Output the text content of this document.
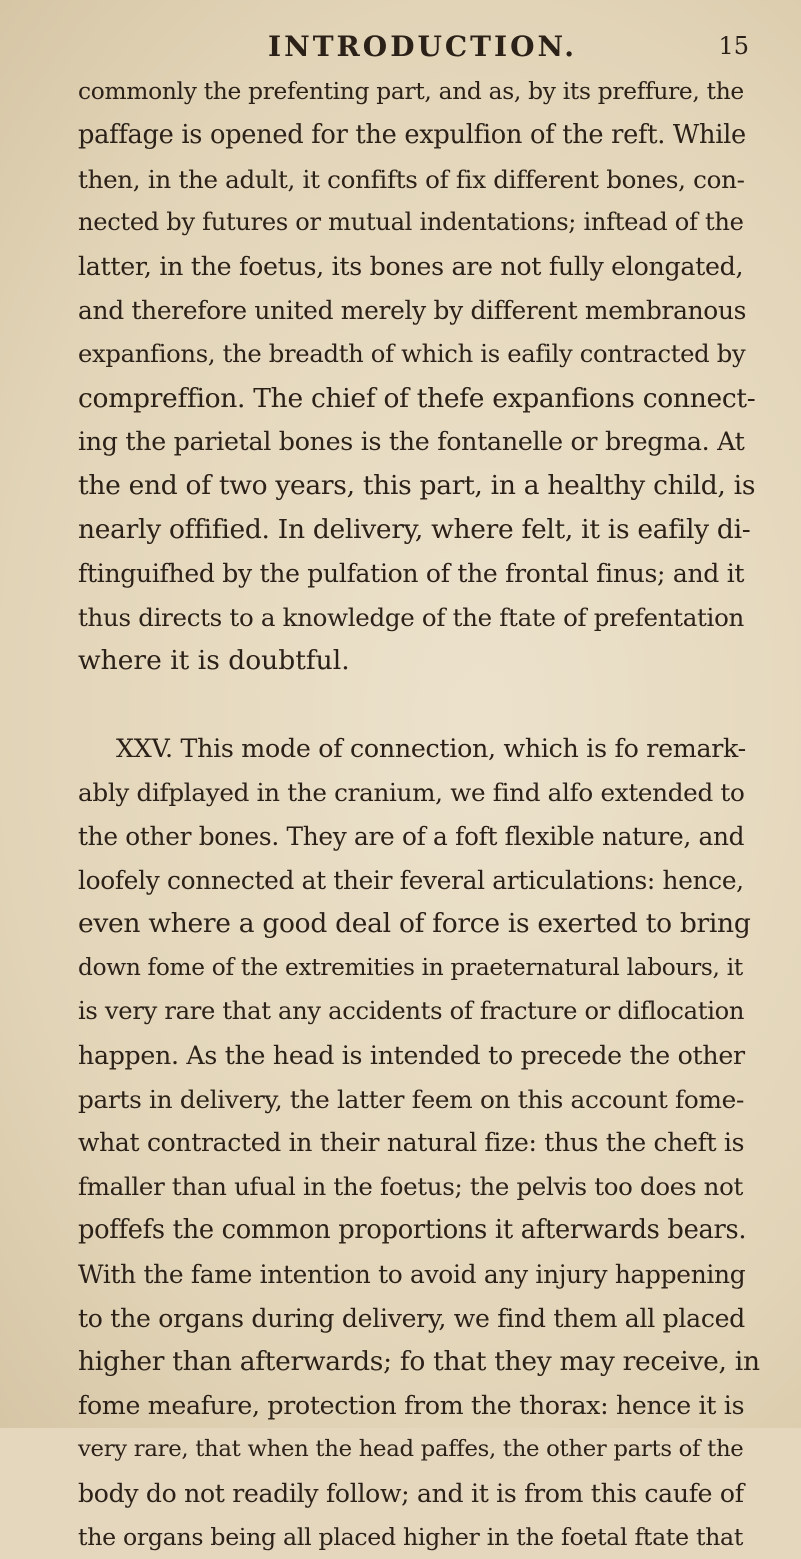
INTRODUCTION.	15
commonly the prefenting part, and as, by its preffure, the
paffage is opened for the expulfion of the reft. While
then, in the adult, it confifts of fix different bones, con-
nected by futures or mutual indentations; inftead of the
latter, in the foetus, its bones are not fully elongated,
and therefore united merely by different membranous
expanfions, the breadth of which is eafily contracted by
compreffion. The chief of thefe expanfions connect-
ing the parietal bones is the fontanelle or bregma. At
the end of two years, this part, in a healthy child, is
nearly offified. In delivery, where felt, it is eafily di-
ftinguifhed by the pulfation of the frontal finus; and it
thus directs to a knowledge of the ftate of prefentation
where it is doubtful.
XXV. This mode of connection, which is fo remark-
ably difplayed in the cranium, we find alfo extended to
the other bones. They are of a foft flexible nature, and
loofely connected at their feveral articulations: hence,
even where a good deal of force is exerted to bring
down fome of the extremities in praeternatural labours, it
is very rare that any accidents of fracture or diflocation
happen. As the head is intended to precede the other
parts in delivery, the latter feem on this account fome-
what contracted in their natural fize: thus the cheft is
fmaller than ufual in the foetus; the pelvis too does not
poffefs the common proportions it afterwards bears.
With the fame intention to avoid any injury happening
to the organs during delivery, we find them all placed
higher than afterwards; fo that they may receive, in
fome meafure, protection from the thorax: hence it is
very rare, that when the head paffes, the other parts of the
body do not readily follow; and it is from this caufe of
the organs being all placed higher in the foetal ftate that
